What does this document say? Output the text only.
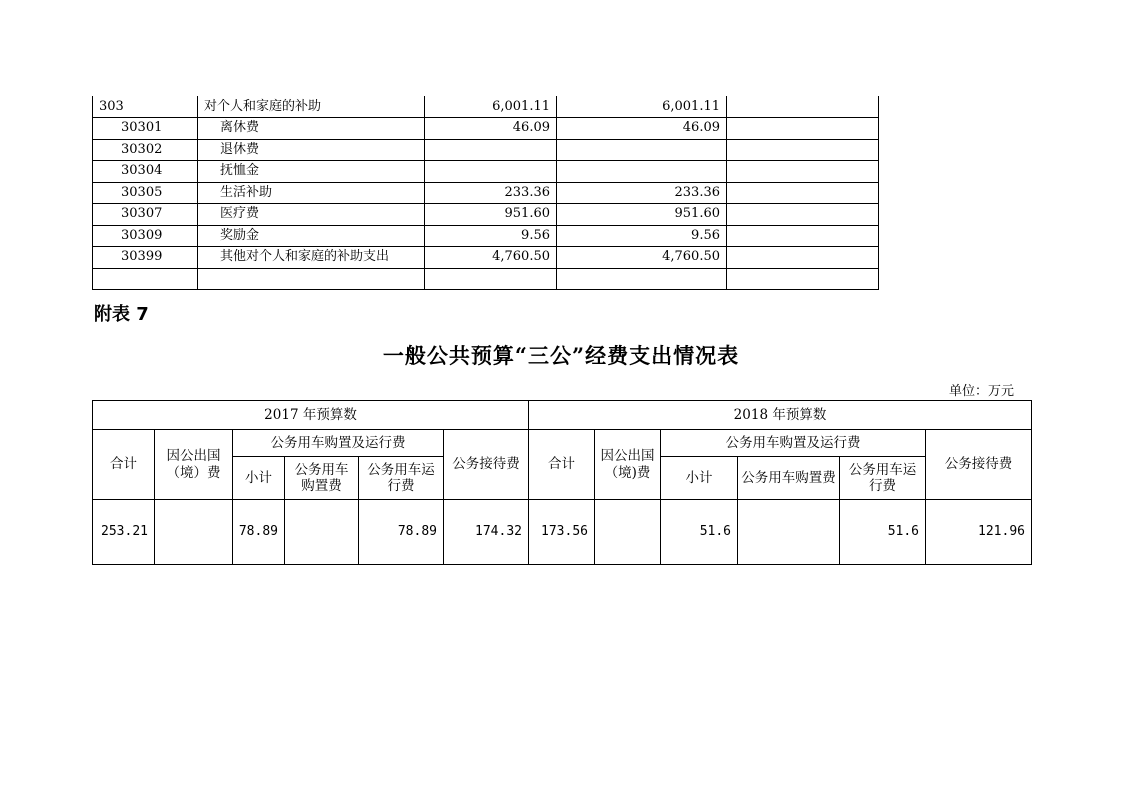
303	对个人和家庭的补助	6,001.11	6,001.11	
30301	离休费	46.09	46.09	
30302	退休费			
30304	抚恤金			
30305	生活补助	233.36	233.36	
30307	医疗费	951.60	951.60	
30309	奖励金	9.56	9.56	
30399	其他对个人和家庭的补助支出	4,760.50	4,760.50	

附表 7
一般公共预算“三公”经费支出情况表
单位：万元
2017 年预算数						2018 年预算数					
合计	因公出国（境）费	公务用车购置及运行费			公务接待费	合计	因公出国（境)费	公务用车购置及运行费			公务接待费
		小计	公务用车购置费	公务用车运行费				小计	公务用车购置费	公务用车运行费	
253.21		78.89		78.89	174.32	173.56		51.6		51.6	121.96
